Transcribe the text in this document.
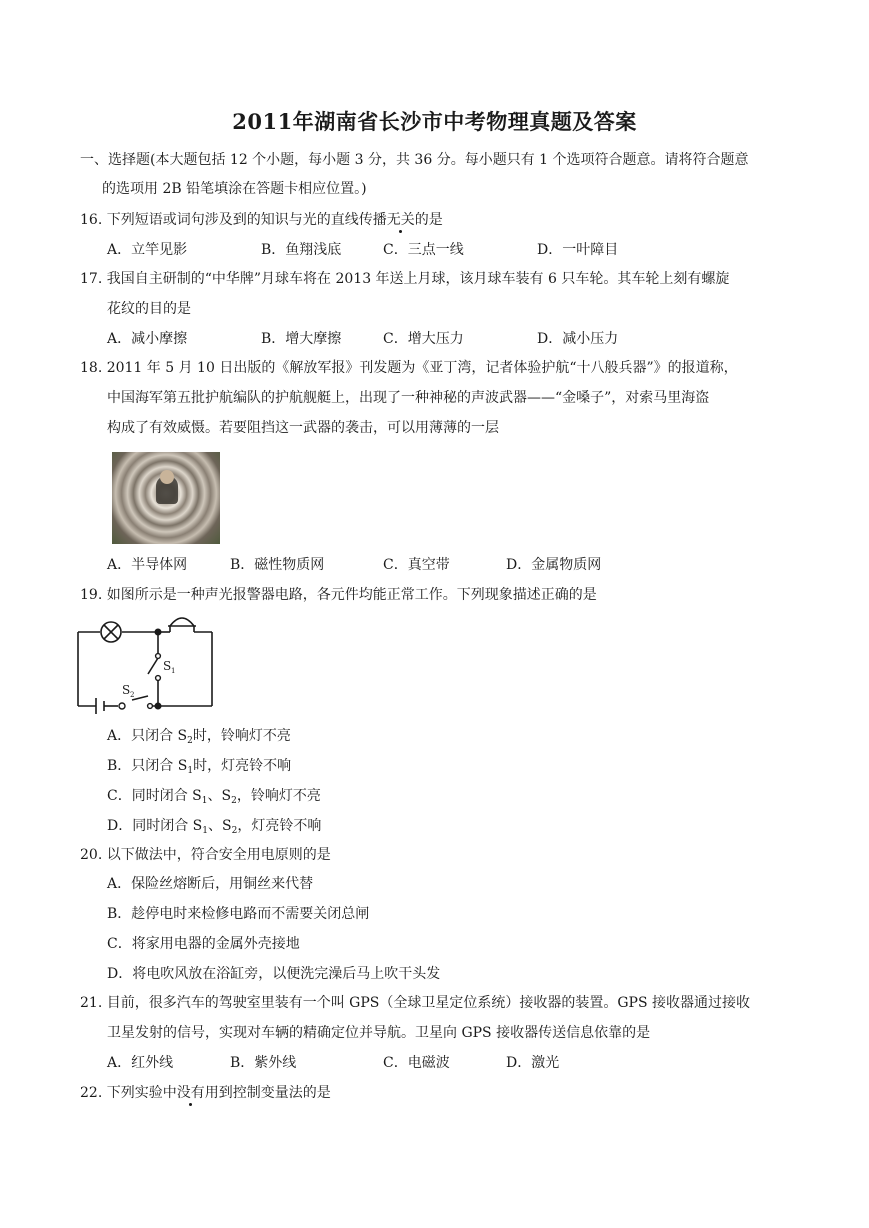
2011年湖南省长沙市中考物理真题及答案
一、选择题(本大题包括 12 个小题，每小题 3 分，共 36 分。每小题只有 1 个选项符合题意。请将符合题意
的选项用 2B 铅笔填涂在答题卡相应位置。)
16. 下列短语或词句涉及到的知识与光的直线传播无关的是
A．立竿见影	B．鱼翔浅底	C．三点一线	D．一叶障目
17. 我国自主研制的“中华牌”月球车将在 2013 年送上月球，该月球车装有 6 只车轮。其车轮上刻有螺旋
花纹的目的是
A．减小摩擦	B．增大摩擦	C．增大压力	D．减小压力
18. 2011 年 5 月 10 日出版的《解放军报》刊发题为《亚丁湾，记者体验护航“十八般兵器”》的报道称，
中国海军第五批护航编队的护航舰艇上，出现了一种神秘的声波武器——“金嗓子”，对索马里海盗
构成了有效威慑。若要阻挡这一武器的袭击，可以用薄薄的一层
A．半导体网	B．磁性物质网	C．真空带	D．金属物质网
19. 如图所示是一种声光报警器电路，各元件均能正常工作。下列现象描述正确的是
S 1
S 2
A．只闭合 $S_2$时，铃响灯不亮
B．只闭合 $S_1$时，灯亮铃不响
C．同时闭合 $S_1$、$S_2$，铃响灯不亮
D．同时闭合 $S_1$、$S_2$，灯亮铃不响
20. 以下做法中，符合安全用电原则的是
A．保险丝熔断后，用铜丝来代替
B．趁停电时来检修电路而不需要关闭总闸
C．将家用电器的金属外壳接地
D．将电吹风放在浴缸旁，以便洗完澡后马上吹干头发
21. 目前，很多汽车的驾驶室里装有一个叫 GPS（全球卫星定位系统）接收器的装置。GPS 接收器通过接收
卫星发射的信号，实现对车辆的精确定位并导航。卫星向 GPS 接收器传送信息依靠的是
A．红外线	B．紫外线	C．电磁波	D．激光
22. 下列实验中没有用到控制变量法的是
